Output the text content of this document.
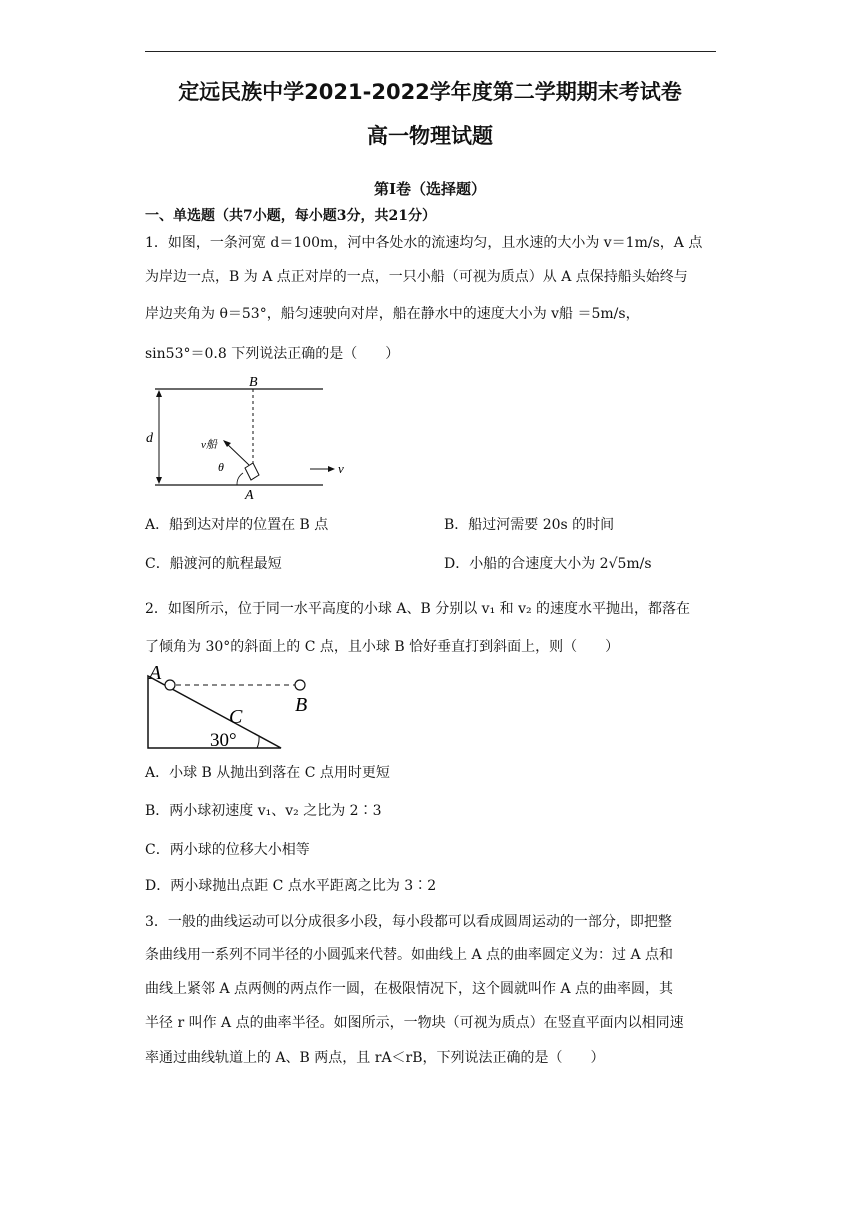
定远民族中学2021-2022学年度第二学期期末考试卷
高一物理试题
第Ⅰ卷（选择题）
一、单选题（共7小题，每小题3分，共21分）
1．如图，一条河宽 d＝100m，河中各处水的流速均匀，且水速的大小为 v＝1m/s，A 点
为岸边一点，B 为 A 点正对岸的一点，一只小船（可视为质点）从 A 点保持船头始终与
岸边夹角为 θ＝53°，船匀速驶向对岸，船在静水中的速度大小为 v船 ＝5m/s，
sin53°＝0.8 下列说法正确的是（　　）
B
A
d	v船
θ	v
A．船到达对岸的位置在 B 点	B．船过河需要 20s 的时间
C．船渡河的航程最短	D．小船的合速度大小为 2√5m/s
2．如图所示，位于同一水平高度的小球 A、B 分别以 v₁ 和 v₂ 的速度水平抛出，都落在
了倾角为 30°的斜面上的 C 点，且小球 B 恰好垂直打到斜面上，则（　　）
A
B
C
30°
A．小球 B 从抛出到落在 C 点用时更短
B．两小球初速度 v₁、v₂ 之比为 2∶3
C．两小球的位移大小相等
D．两小球抛出点距 C 点水平距离之比为 3∶2
3．一般的曲线运动可以分成很多小段，每小段都可以看成圆周运动的一部分，即把整
条曲线用一系列不同半径的小圆弧来代替。如曲线上 A 点的曲率圆定义为：过 A 点和
曲线上紧邻 A 点两侧的两点作一圆，在极限情况下，这个圆就叫作 A 点的曲率圆，其
半径 r 叫作 A 点的曲率半径。如图所示，一物块（可视为质点）在竖直平面内以相同速
率通过曲线轨道上的 A、B 两点，且 rA＜rB，下列说法正确的是（　　）
